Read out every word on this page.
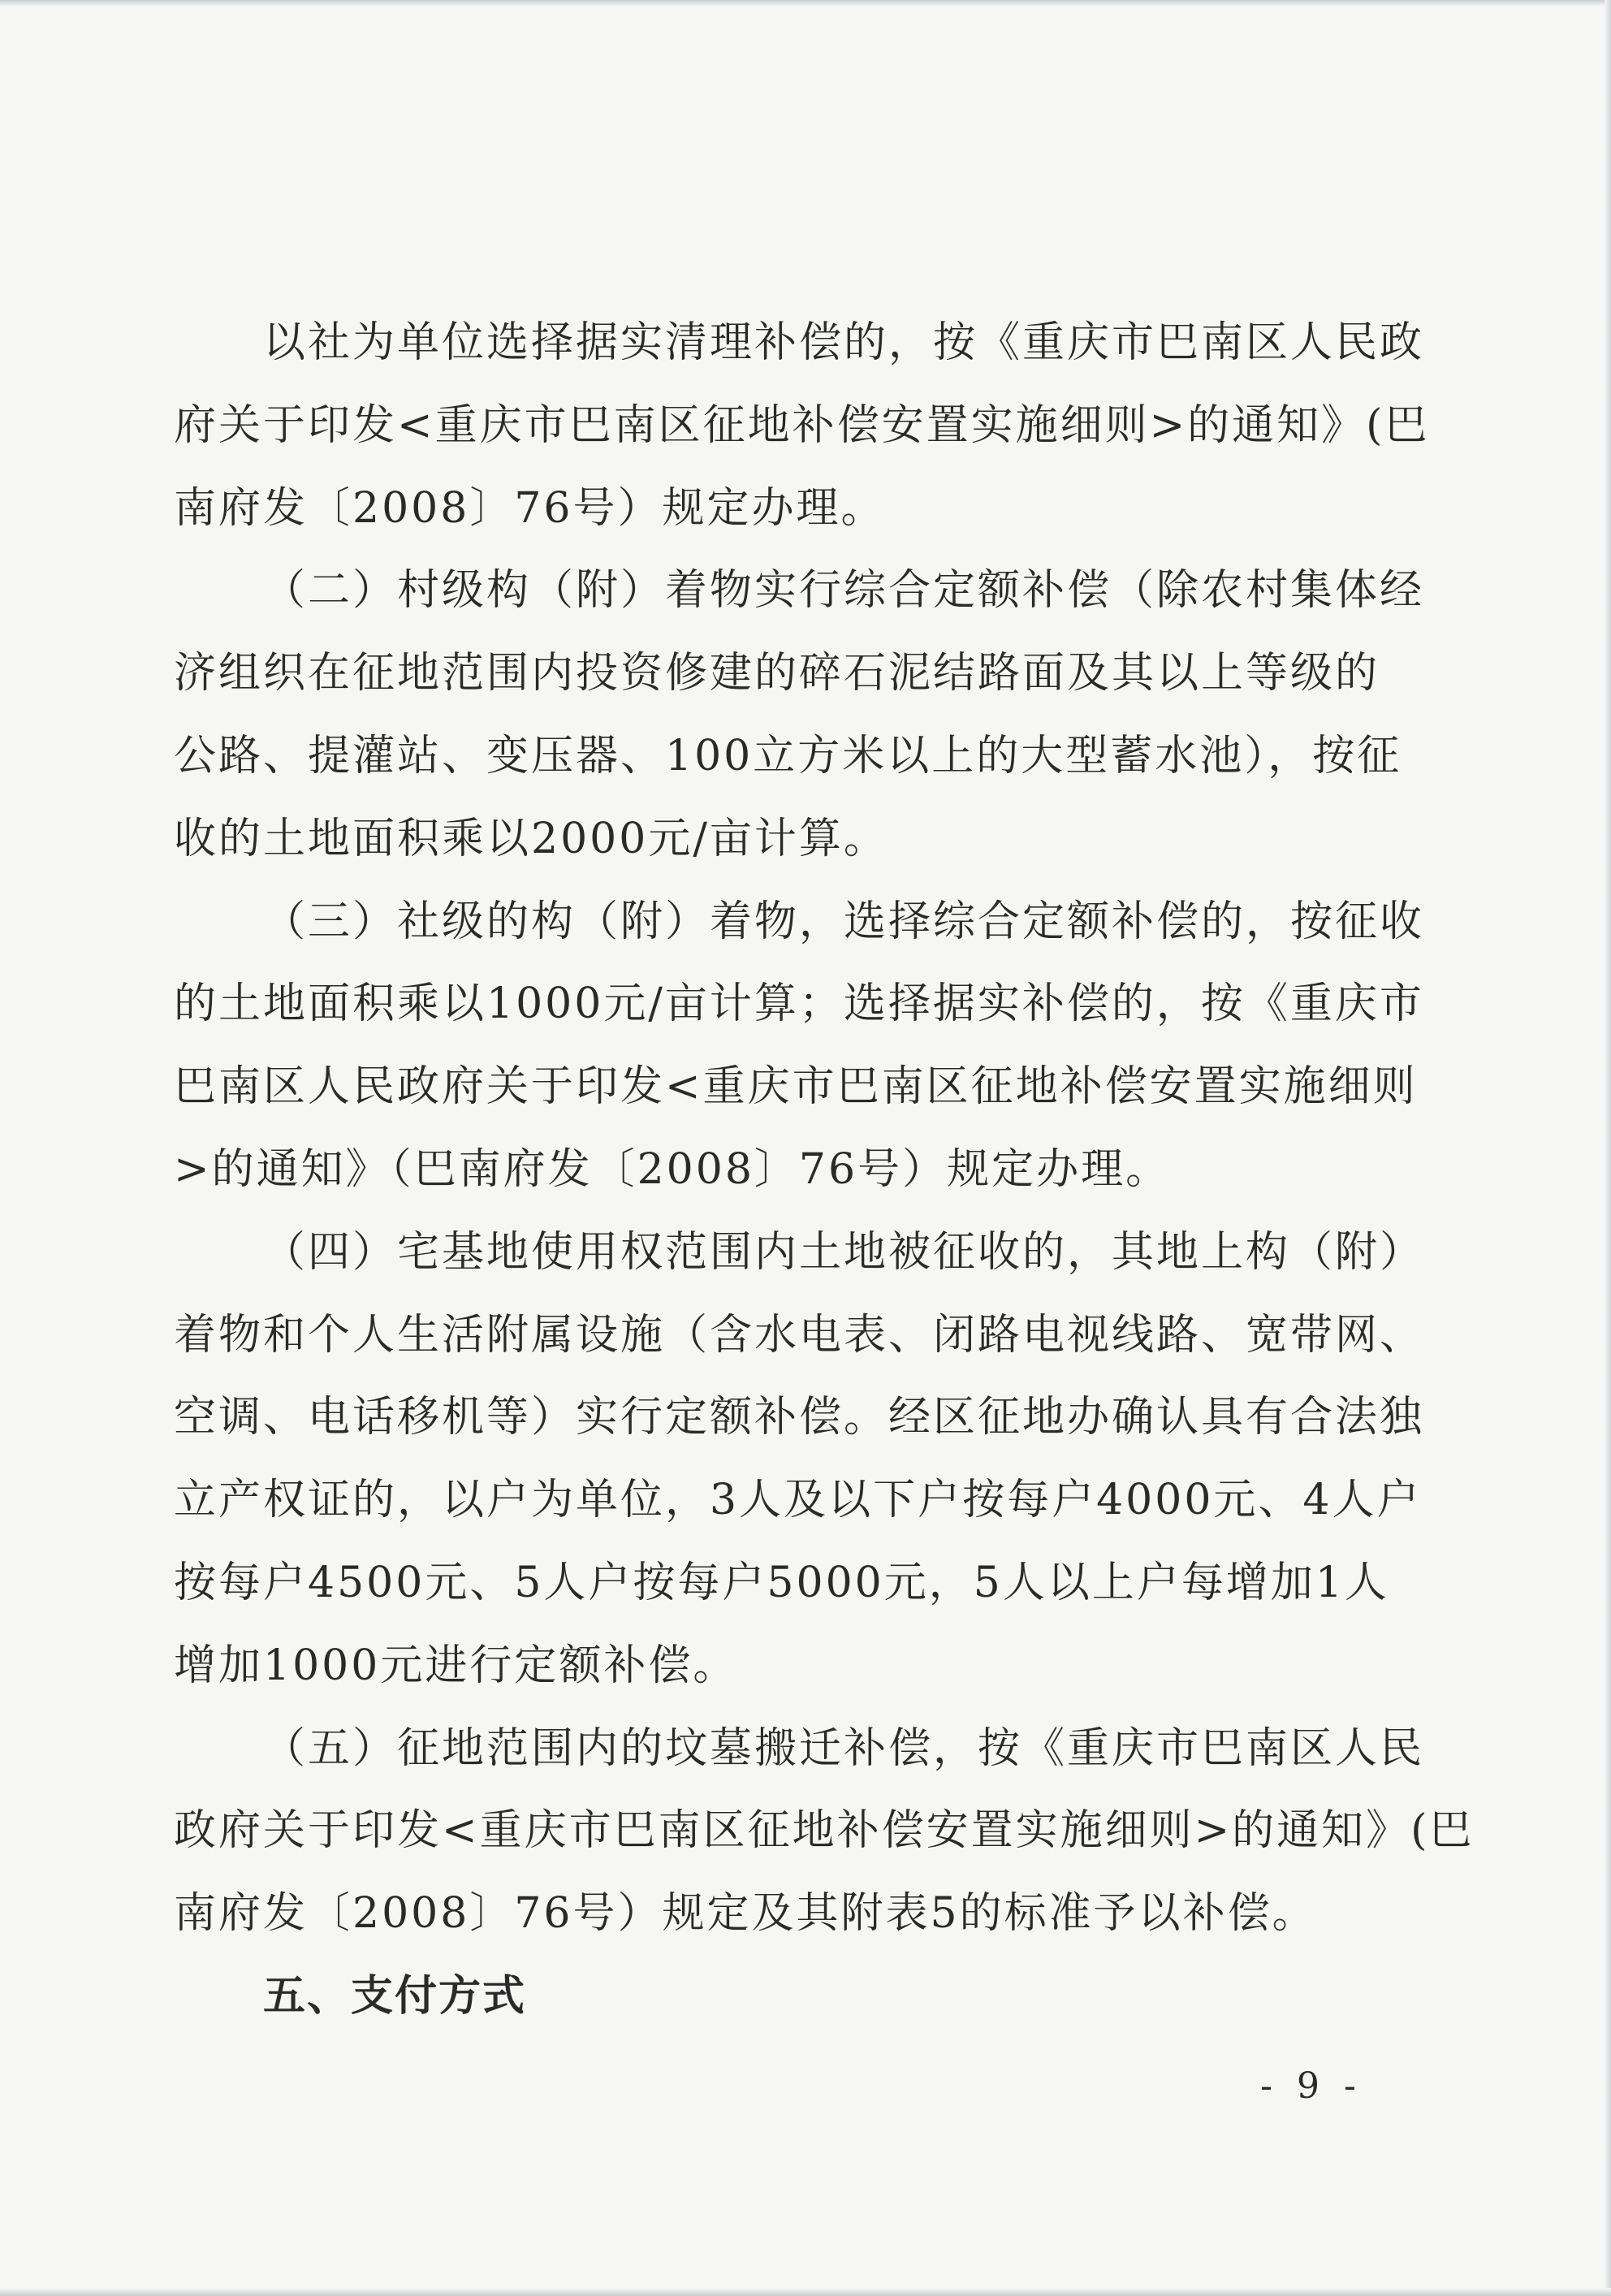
以社为单位选择据实清理补偿的，按《重庆市巴南区人民政
府关于印发<重庆市巴南区征地补偿安置实施细则>的通知》(巴
南府发〔2008〕76号）规定办理。
（二）村级构（附）着物实行综合定额补偿（除农村集体经
济组织在征地范围内投资修建的碎石泥结路面及其以上等级的
公路、提灌站、变压器、100立方米以上的大型蓄水池），按征
收的土地面积乘以2000元/亩计算。
（三）社级的构（附）着物，选择综合定额补偿的，按征收
的土地面积乘以1000元/亩计算；选择据实补偿的，按《重庆市
巴南区人民政府关于印发<重庆市巴南区征地补偿安置实施细则
>的通知》（巴南府发〔2008〕76号）规定办理。
（四）宅基地使用权范围内土地被征收的，其地上构（附）
着物和个人生活附属设施（含水电表、闭路电视线路、宽带网、
空调、电话移机等）实行定额补偿。经区征地办确认具有合法独
立产权证的，以户为单位，3人及以下户按每户4000元、4人户
按每户4500元、5人户按每户5000元，5人以上户每增加1人
增加1000元进行定额补偿。
（五）征地范围内的坟墓搬迁补偿，按《重庆市巴南区人民
政府关于印发<重庆市巴南区征地补偿安置实施细则>的通知》(巴
南府发〔2008〕76号）规定及其附表5的标准予以补偿。
五、支付方式
- 9 -
